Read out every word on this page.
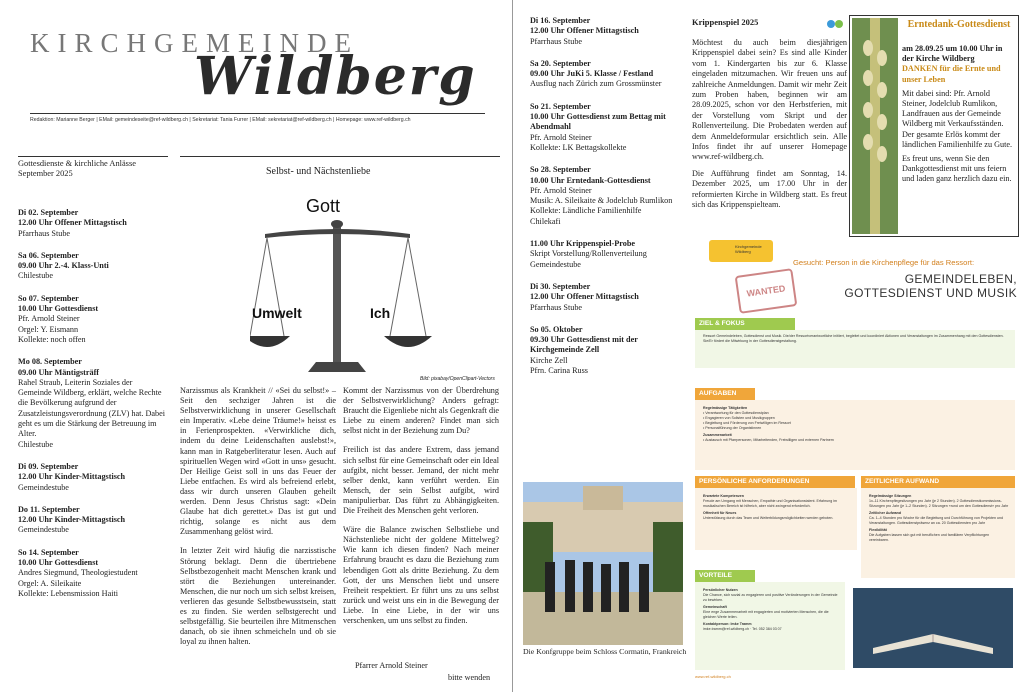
KIRCHGEMEINDE
Wildberg
Redaktion: Marianne Berger | EMail: gemeindeseite@ref-wildberg.ch | Sekretariat: Tania Furrer | EMail: sekretariat@ref-wildberg.ch | Homepage: www.ref-wildberg.ch
Gottesdienste & kirchliche Anlässe September 2025
Di 02. September
12.00 Uhr Offener Mittagstisch
Pfarrhaus Stube
Sa 06. September
09.00 Uhr 2.-4. Klass-Unti
Chilestube
So 07. September
10.00 Uhr Gottesdienst
Pfr. Arnold Steiner
Orgel: Y. Eismann
Kollekte: noch offen
Mo 08. September
09.00 Uhr Mäntigsträff
Rahel Straub, Leiterin Soziales der Gemeinde Wildberg, erklärt, welche Rechte die Bevölkerung aufgrund der Zusatzleistungsverordnung (ZLV) hat. Dabei geht es um die Stärkung der Betreuung im Alter.
Chilestube
Di 09. September
12.00 Uhr Kinder-Mittagstisch
Gemeindestube
Do 11. September
12.00 Uhr Kinder-Mittagstisch
Gemeindestube
So 14. September
10.00 Uhr Gottesdienst
Andres Siegmund, Theologiestudent
Orgel: A. Sileikaite
Kollekte: Lebensmission Haiti
Selbst- und Nächstenliebe
Gott
Umwelt	Ich
Bild: pixabay/OpenClipart-Vectors

Narzissmus als Krankheit // «Sei du selbst!» – Seit den sechziger Jahren ist die Selbstverwirklichung in unserer Gesellschaft ein Imperativ. «Lebe deine Träume!» heisst es in Ferienprospekten. «Verwirkliche dich, indem du deine Leidenschaften auslebst!», kann man in Ratgeberliteratur lesen. Auch auf spirituellen Wegen wird «Gott in uns» gesucht. Der Heilige Geist soll in uns das Feuer der Liebe entfachen. Es wird als befreiend erlebt, dass wir durch unseren Glauben geheilt werden. Denn Jesus Christus sagt: «Dein Glaube hat dich gerettet.» Das ist gut und richtig, solange es nicht aus dem Zusammenhang gelöst wird.

In letzter Zeit wird häufig die narzisstische Störung beklagt. Denn die übertriebene Selbstbezogenheit macht Menschen krank und stört die Beziehungen untereinander. Menschen, die nur noch um sich selbst kreisen, verlieren das gesunde Selbstbewusstsein, statt es zu finden. Sie werden selbstgerecht und selbstgefällig. Sie beurteilen ihre Mitmenschen danach, ob sie ihnen schmeicheln und ob sie loyal zu ihnen halten.

Kommt der Narzissmus von der Überdrehung der Selbstverwirklichung? Anders gefragt: Braucht die Eigenliebe nicht als Gegenkraft die Liebe zu einem anderen? Findet man sich selbst nicht in der Beziehung zum Du?

Freilich ist das andere Extrem, dass jemand sich selbst für eine Gemeinschaft oder ein Ideal aufgibt, nicht besser. Jemand, der nicht mehr selber denkt, kann verführt werden. Ein Mensch, der sein Selbst aufgibt, wird manipulierbar. Das führt zu Abhängigkeiten. Die Freiheit des Menschen geht verloren.

Wäre die Balance zwischen Selbstliebe und Nächstenliebe nicht der goldene Mittelweg? Wie kann ich diesen finden? Nach meiner Erfahrung braucht es dazu die Beziehung zum lebendigen Gott als dritte Beziehung. Zu dem Gott, der uns Menschen liebt und unsere Freiheit respektiert. Er führt uns zu uns selbst zurück und weist uns ein in die Bewegung der Liebe. In eine Liebe, in der wir uns verschenken, um uns selbst zu finden.

Pfarrer Arnold Steiner
bitte wenden
Di 16. September
12.00 Uhr Offener Mittagstisch
Pfarrhaus Stube
Sa 20. September
09.00 Uhr JuKi 5. Klasse / Festland
Ausflug nach Zürich zum Grossmünster
So 21. September
10.00 Uhr Gottesdienst zum Bettag mit Abendmahl
Pfr. Arnold Steiner
Kollekte: LK Bettagskollekte
So 28. September
10.00 Uhr Erntedank-Gottesdienst
Pfr. Arnold Steiner
Musik: A. Sileikaite & Jodelclub Rumlikon
Kollekte: Ländliche Familienhilfe
Chilekafi
11.00 Uhr Krippenspiel-Probe
Skript Vorstellung/Rollenverteilung
Gemeindestube
Di 30. September
12.00 Uhr Offener Mittagstisch
Pfarrhaus Stube
So 05. Oktober
09.30 Uhr Gottesdienst mit der Kirchgemeinde Zell
Kirche Zell
Pfrn. Carina Russ
Die Konfgruppe beim Schloss Cormatin, Frankreich
Krippenspiel 2025

Möchtest du auch beim diesjährigen Krippenspiel dabei sein? Es sind alle Kinder vom 1. Kindergarten bis zur 6. Klasse eingeladen mitzumachen. Wir freuen uns auf zahlreiche Anmeldungen. Damit wir mehr Zeit zum Proben haben, beginnen wir am 28.09.2025, schon vor den Herbstferien, mit der Vorstellung vom Skript und der Rollenverteilung. Die Probedaten werden auf dem Anmeldeformular ersichtlich sein. Alle Infos findet ihr auf unserer Homepage www.ref-wildberg.ch.

Die Aufführung findet am Sonntag, 14. Dezember 2025, um 17.00 Uhr in der reformierten Kirche in Wildberg statt. Es freut sich das Krippenspielteam.

Erntedank-Gottesdienst
am 28.09.25 um 10.00 Uhr in der Kirche Wildberg
DANKEN für die Ernte und unser Leben
Mit dabei sind: Pfr. Arnold Steiner, Jodelclub Rumlikon, Landfrauen aus der Gemeinde Wildberg mit Verkaufsständen. Der gesamte Erlös kommt der ländlichen Familienhilfe zu Gute.
Es freut uns, wenn Sie den Dankgottesdienst mit uns feiern und laden ganz herzlich dazu ein.
Kirchgemeinde Wildberg
WANTED
Gesucht: Person in die Kirchenpflege für das Ressort:
GEMEINDELEBEN, GOTTESDIENST UND MUSIK
ZIEL & FOKUS
Ressort Gemeindeleben, Gottesdienst und Musik. Die/der Ressortverantwortliche initiiert, begleitet und koordiniert Aktionen und Veranstaltungen im Zusammenhang mit den Gottesdiensten. Sie/Er fördert die Mitwirkung in der Gottesdienstgestaltung.
AUFGABEN
Regelmässige Tätigkeiten
• Verantwortung für den Gottesdienstplan
• Engagieren von Solisten und Musikgruppen
• Begleitung und Förderung von Freiwilligen im Ressort
• Personalführung der Organistinnen
Zusammenarbeit
• Austausch mit Pfarrpersonen, Mitarbeitenden, Freiwilligen und externen Partnern
PERSÖNLICHE ANFORDERUNGEN
Erwartete Kompetenzen
Freude am Umgang mit Menschen, Empathie und Organisationstalent. Erfahrung im musikalischen Bereich ist hilfreich, aber nicht zwingend erforderlich.
Offenheit für Neues
Unterstützung durch das Team und Weiterbildungsmöglichkeiten werden geboten.
ZEITLICHER AUFWAND
Regelmässige Sitzungen
1x–11 Kirchenpflegesitzungen pro Jahr (je 2 Stunden). 2 Gottesdienstkommissions-Sitzungen pro Jahr (je 1–2 Stunden). 2 Sitzungen «rund um den Gottesdienst» pro Jahr
Zeitlicher Aufwand
Ca. 1–4 Stunden pro Woche für die Begleitung und Durchführung von Projekten und Veranstaltungen. Gottesdienstpräsenz an ca. 20 Gottesdiensten pro Jahr
Flexibilität
Die Aufgaben lassen sich gut mit beruflichen und familiären Verpflichtungen vereinbaren.
VORTEILE
Persönlicher Nutzen
Die Chance, sich sozial zu engagieren und positive Veränderungen in der Gemeinde zu bewirken.
Gemeinschaft
Eine enge Zusammenarbeit mit engagierten und motivierten Menschen, die die gleichen Werte teilen.
Kontaktperson: Imke Tramm
imke.tramm@ref-wildberg.ch · Tel. 052 384 03 07
www.ref-wildberg.ch
